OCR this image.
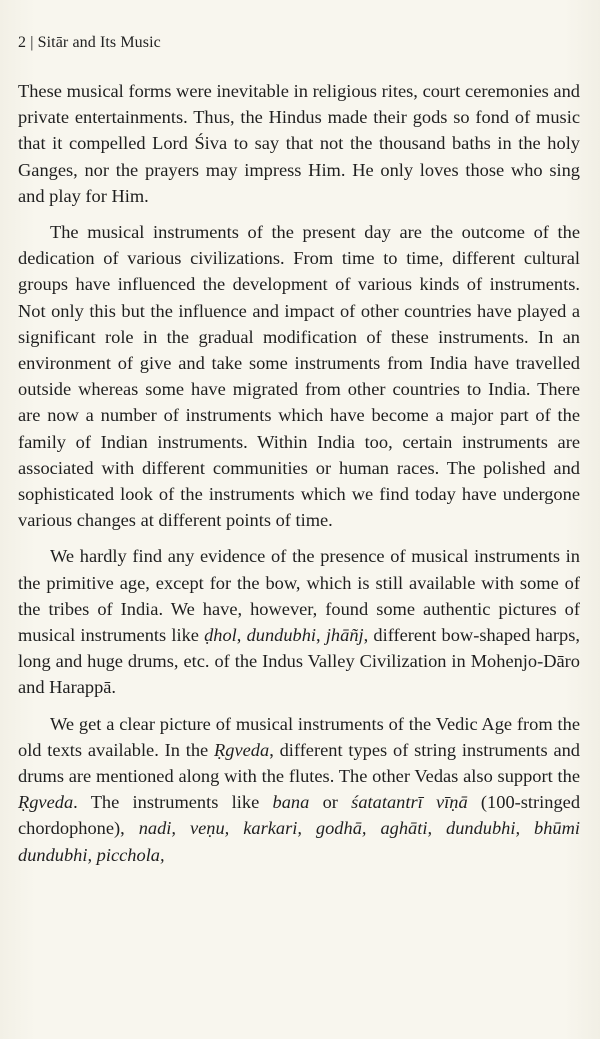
2 | Sitār and Its Music

These musical forms were inevitable in religious rites, court ceremonies and private entertainments. Thus, the Hindus made their gods so fond of music that it compelled Lord Śiva to say that not the thousand baths in the holy Ganges, nor the prayers may impress Him. He only loves those who sing and play for Him.

The musical instruments of the present day are the outcome of the dedication of various civilizations. From time to time, different cultural groups have influenced the development of various kinds of instruments. Not only this but the influence and impact of other countries have played a significant role in the gradual modification of these instruments. In an environment of give and take some instruments from India have travelled outside whereas some have migrated from other countries to India. There are now a number of instruments which have become a major part of the family of Indian instruments. Within India too, certain instruments are associated with different communities or human races. The polished and sophisticated look of the instruments which we find today have undergone various changes at different points of time.

We hardly find any evidence of the presence of musical instruments in the primitive age, except for the bow, which is still available with some of the tribes of India. We have, however, found some authentic pictures of musical instruments like ḍhol, dundubhi, jhāñj, different bow-shaped harps, long and huge drums, etc. of the Indus Valley Civilization in Mohenjo-Dāro and Harappā.

We get a clear picture of musical instruments of the Vedic Age from the old texts available. In the Ṛgveda, different types of string instruments and drums are mentioned along with the flutes. The other Vedas also support the Ṛgveda. The instruments like bana or śatatantrī vīṇā (100-stringed chordophone), nadi, veṇu, karkari, godhā, aghāti, dundubhi, bhūmi dundubhi, picchola,
